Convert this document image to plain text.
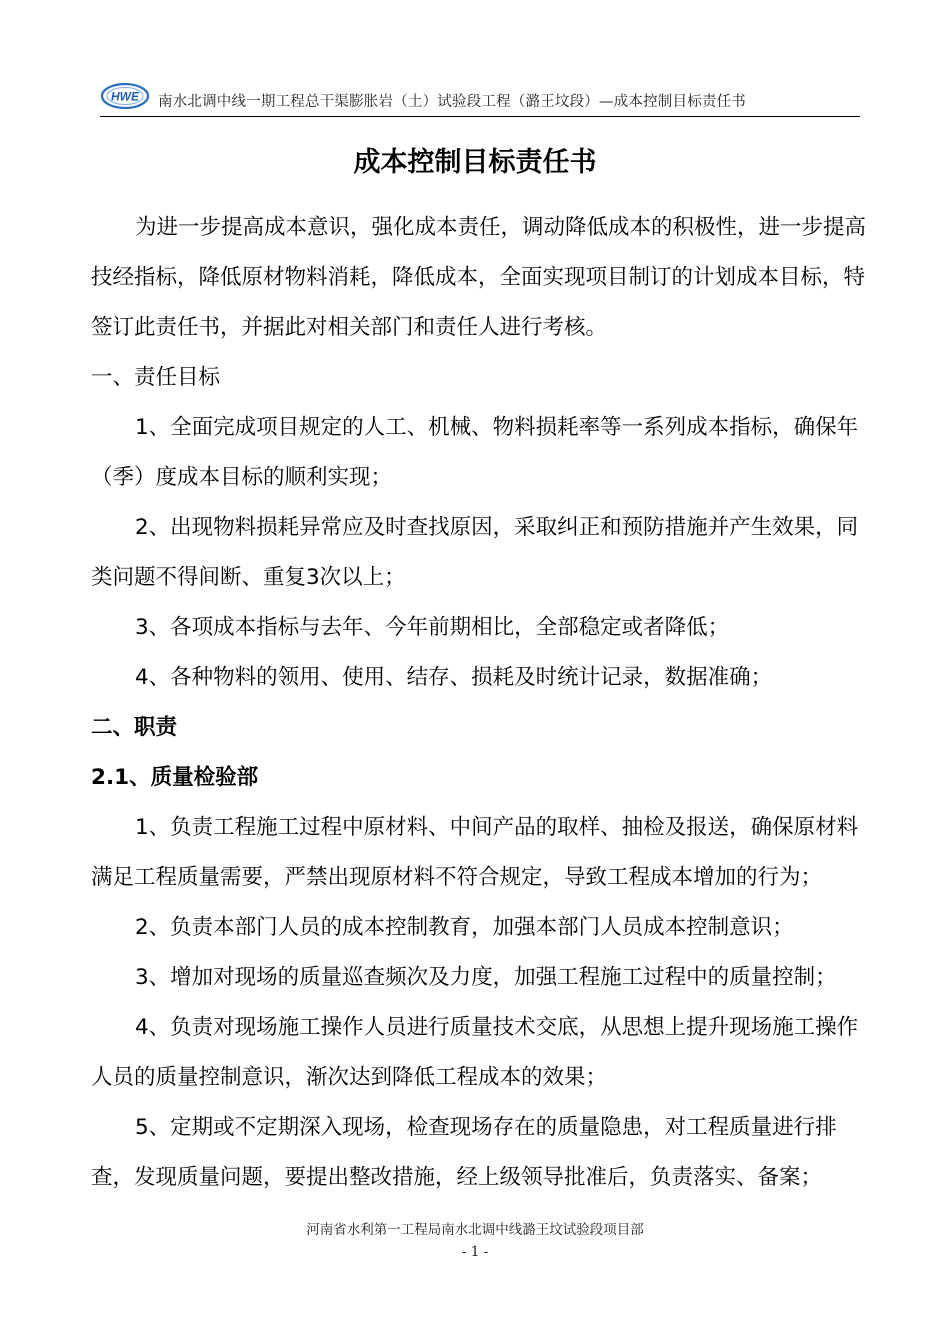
HWE 南水北调中线一期工程总干渠膨胀岩（土）试验段工程（潞王坟段）—成本控制目标责任书
成本控制目标责任书

为进一步提高成本意识，强化成本责任，调动降低成本的积极性，进一步提高技经指标，降低原材物料消耗，降低成本，全面实现项目制订的计划成本目标，特签订此责任书，并据此对相关部门和责任人进行考核。

一、责任目标

1、全面完成项目规定的人工、机械、物料损耗率等一系列成本指标，确保年（季）度成本目标的顺利实现；

2、出现物料损耗异常应及时查找原因，采取纠正和预防措施并产生效果，同类问题不得间断、重复3次以上；

3、各项成本指标与去年、今年前期相比，全部稳定或者降低；

4、各种物料的领用、使用、结存、损耗及时统计记录，数据准确；

二、职责

2.1、质量检验部

1、负责工程施工过程中原材料、中间产品的取样、抽检及报送，确保原材料满足工程质量需要，严禁出现原材料不符合规定，导致工程成本增加的行为；

2、负责本部门人员的成本控制教育，加强本部门人员成本控制意识；

3、增加对现场的质量巡查频次及力度，加强工程施工过程中的质量控制；

4、负责对现场施工操作人员进行质量技术交底，从思想上提升现场施工操作人员的质量控制意识，渐次达到降低工程成本的效果；

5、定期或不定期深入现场，检查现场存在的质量隐患，对工程质量进行排查，发现质量问题，要提出整改措施，经上级领导批准后，负责落实、备案；

河南省水利第一工程局南水北调中线潞王坟试验段项目部
- 1 -
